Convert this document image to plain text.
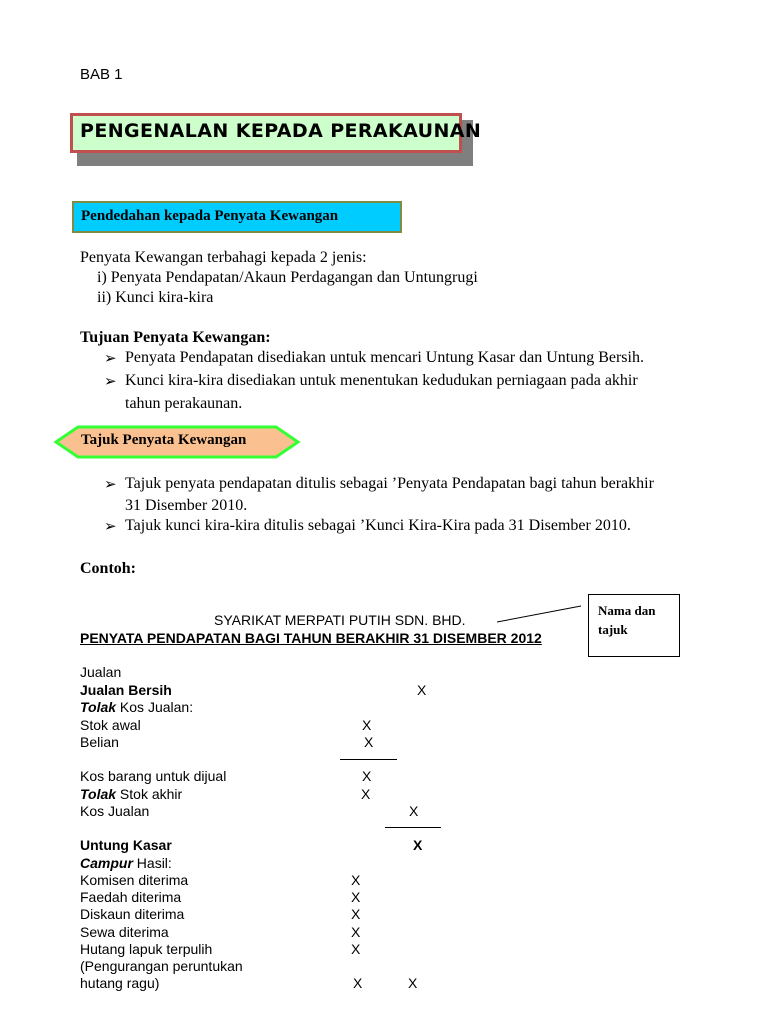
BAB 1
PENGENALAN KEPADA PERAKAUNAN
Pendedahan kepada Penyata Kewangan
Penyata Kewangan terbahagi kepada 2 jenis:
i) Penyata Pendapatan/Akaun Perdagangan dan Untungrugi
ii) Kunci kira-kira
Tujuan Penyata Kewangan:
➢ Penyata Pendapatan disediakan untuk mencari Untung Kasar dan Untung Bersih.
➢ Kunci kira-kira disediakan untuk menentukan kedudukan perniagaan pada akhir
tahun perakaunan.
Tajuk Penyata Kewangan
➢ Tajuk penyata pendapatan ditulis sebagai ’Penyata Pendapatan bagi tahun berakhir
31 Disember 2010.
➢ Tajuk kunci kira-kira ditulis sebagai ’Kunci Kira-Kira pada 31 Disember 2010.
Contoh:
SYARIKAT MERPATI PUTIH SDN. BHD.
PENYATA PENDAPATAN BAGI TAHUN BERAKHIR 31 DISEMBER 2012
Nama dan tajuk
Jualan
Jualan Bersih	X
Tolak Kos Jualan:
Stok awal	X
Belian	X
Kos barang untuk dijual	X
Tolak Stok akhir	X
Kos Jualan	X
Untung Kasar	X
Campur Hasil:
Komisen diterima	X
Faedah diterima	X
Diskaun diterima	X
Sewa diterima	X
Hutang lapuk terpulih	X
(Pengurangan peruntukan
hutang ragu)	X	X
